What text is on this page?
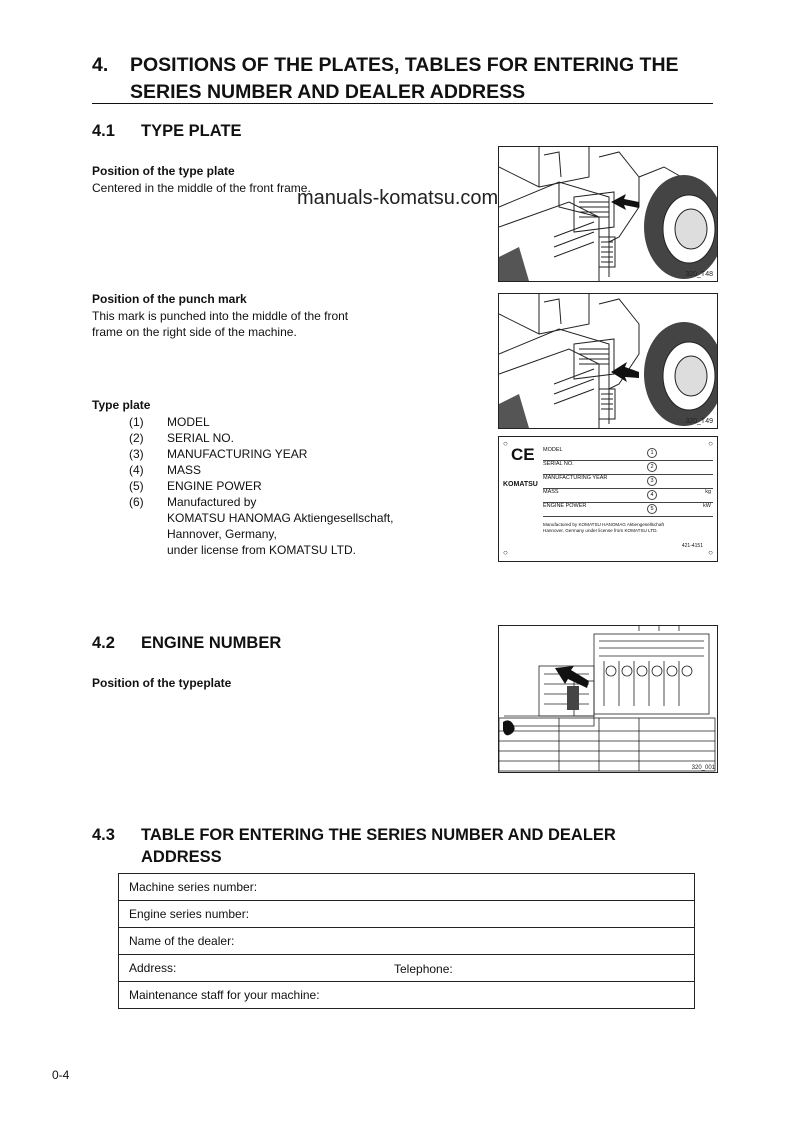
4. POSITIONS OF THE PLATES, TABLES FOR ENTERING THE SERIES NUMBER AND DEALER ADDRESS
4.1 TYPE PLATE
Position of the type plate
Centered in the middle of the front frame.
manuals-komatsu.com
Position of the punch mark
This mark is punched into the middle of the front
frame on the right side of the machine.
Type plate
(1) MODEL
(2) SERIAL NO.
(3) MANUFACTURING YEAR
(4) MASS
(5) ENGINE POWER
(6) Manufactured by
KOMATSU HANOMAG Aktiengesellschaft,
Hannover, Germany,
under license from KOMATSU LTD.
320_T48
320_T49
○	○
○	○
CE
KOMATSU
MODEL	1
SERIAL NO.	2
MANUFACTURING YEAR	3
MASS	4	kg
ENGINE POWER	5	kW
Manufactured by KOMATSU HANOMAG Aktiengesellschaft
Hannover, Germany under license from KOMATSU LTD.
421-4151
4.2 ENGINE NUMBER
Position of the typeplate
320_001
4.3 TABLE FOR ENTERING THE SERIES NUMBER AND DEALER
ADDRESS
Machine series number:
Engine series number:
Name of the dealer:
Address:	Telephone:

Maintenance staff for your machine:
0-4
